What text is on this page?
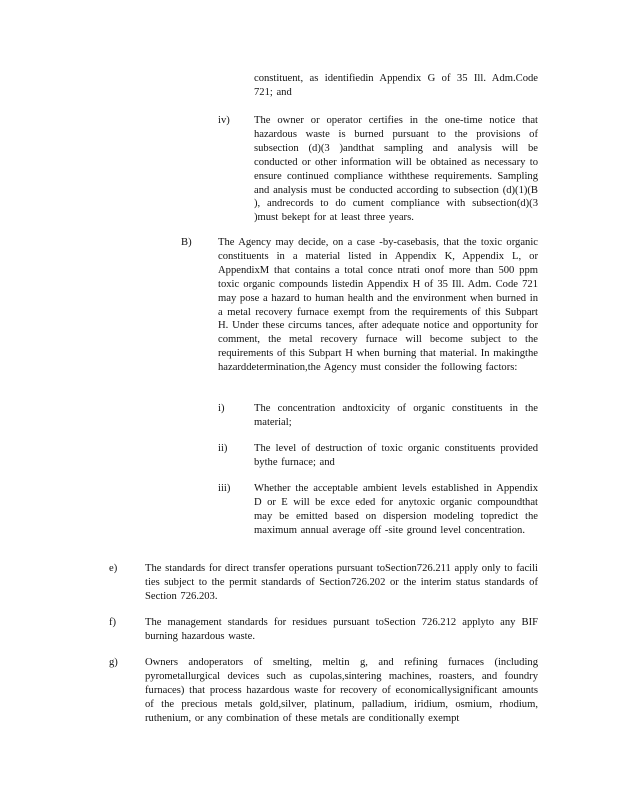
constituent, as identifiedin Appendix G of 35 Ill. Adm.Code 721; and
iv) The owner or operator certifies in the one-time notice that hazardous waste is burned pursuant to the provisions of subsection (d)(3 )andthat sampling and analysis will be conducted or other information will be obtained as necessary to ensure continued compliance withthese requirements. Sampling and analysis must be conducted according to subsection (d)(1)(B ), andrecords to do cument compliance with subsection(d)(3 )must bekept for at least three years.
B) The Agency may decide, on a case -by-casebasis, that the toxic organic constituents in a material listed in Appendix K, Appendix L, or AppendixM that contains a total conce ntrati onof more than 500 ppm toxic organic compounds listedin Appendix H of 35 Ill. Adm. Code 721 may pose a hazard to human health and the environment when burned in a metal recovery furnace exempt from the requirements of this Subpart H. Under these circums tances, after adequate notice and opportunity for comment, the metal recovery furnace will become subject to the requirements of this Subpart H when burning that material. In makingthe hazarddetermination,the Agency must consider the following factors:
i)	The concentration andtoxicity of organic constituents in the material;
ii)	The level of destruction of toxic organic constituents provided bythe furnace; and
iii) Whether the acceptable ambient levels established in Appendix D or E will be exce eded for anytoxic organic compoundthat may be emitted based on dispersion modeling topredict the maximum annual average off -site ground level concentration.
e)	The standards for direct transfer operations pursuant toSection726.211 apply only to facili ties subject to the permit standards of Section726.202 or the interim status standards of Section 726.203.
f)	The management standards for residues pursuant toSection 726.212 applyto any BIF burning hazardous waste.
g)	Owners andoperators of smelting, meltin g, and refining furnaces (including pyrometallurgical devices such as cupolas,sintering machines, roasters, and foundry furnaces) that process hazardous waste for recovery of economicallysignificant amounts of the precious metals gold,silver, platinum, palladium, iridium, osmium, rhodium, ruthenium, or any combination of these metals are conditionally exempt
